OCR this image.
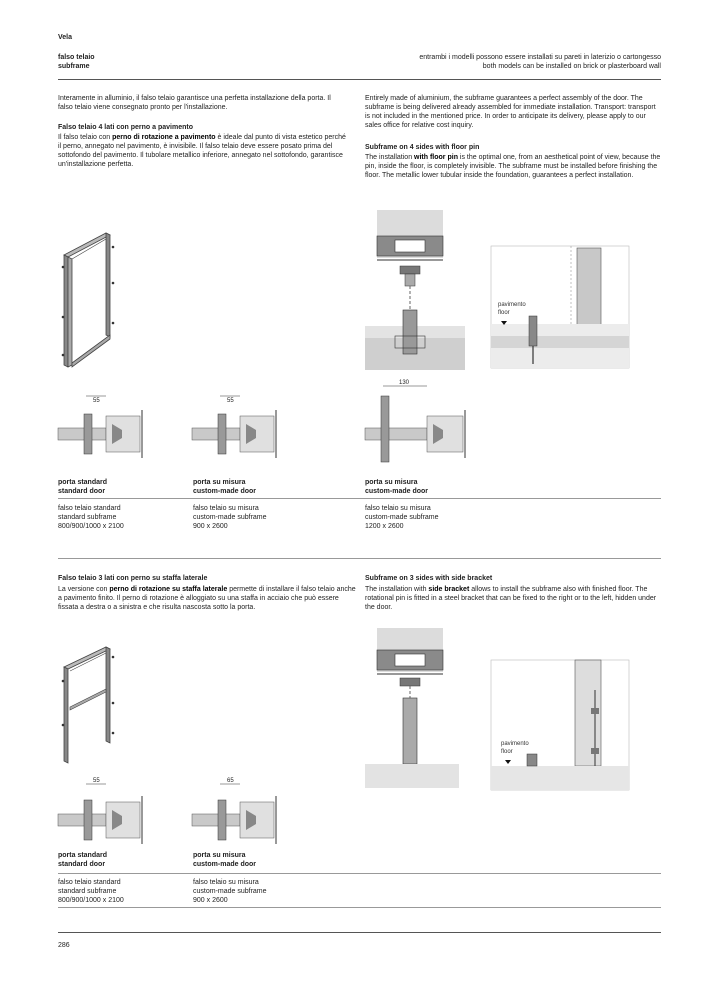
Vela
falso telaio
subframe
entrambi i modelli possono essere installati su pareti in laterizio o cartongesso
both models can be installed on brick or plasterboard wall
Interamente in alluminio, il falso telaio garantisce una perfetta installazione della porta. Il falso telaio viene consegnato pronto per l'installazione.
Entirely made of aluminium, the subframe guarantees a perfect assembly of the door. The subframe is being delivered already assembled for immediate installation. Transport: transport is not included in the mentioned price. In order to anticipate its delivery, please apply to our sales office for relative cost inquiry.
Falso telaio 4 lati con perno a pavimento
Il falso telaio con perno di rotazione a pavimento è ideale dal punto di vista estetico perché il perno, annegato nel pavimento, è invisibile. Il falso telaio deve essere posato prima del sottofondo del pavimento. Il tubolare metallico inferiore, annegato nel sottofondo, garantisce un'installazione perfetta.
Subframe on 4 sides with floor pin
The installation with floor pin is the optimal one, from an aesthetical point of view, because the pin, inside the floor, is completely invisible. The subframe must be installed before finishing the floor. The metallic lower tubular inside the foundation, guarantees a perfect installation.
pavimento
floor
55	55
130
porta standard
standard door
porta su misura
custom-made door
porta su misura
custom-made door
falso telaio standard
standard subframe
800/900/1000 x 2100
falso telaio su misura
custom-made subframe
900 x 2600
falso telaio su misura
custom-made subframe
1200 x 2600
Falso telaio 3 lati con perno su staffa laterale
La versione con perno di rotazione su staffa laterale permette di installare il falso telaio anche a pavimento finito. Il perno di rotazione è alloggiato su una staffa in acciaio che può essere fissata a destra o a sinistra e che risulta nascosta sotto la porta.
Subframe on 3 sides with side bracket
The installation with side bracket allows to install the subframe also with finished floor. The rotational pin is fitted in a steel bracket that can be fixed to the right or to the left, hidden under the door.
pavimento
floor
55	65
porta standard
standard door
porta su misura
custom-made door
falso telaio standard
standard subframe
800/900/1000 x 2100
falso telaio su misura
custom-made subframe
900 x 2600
286
